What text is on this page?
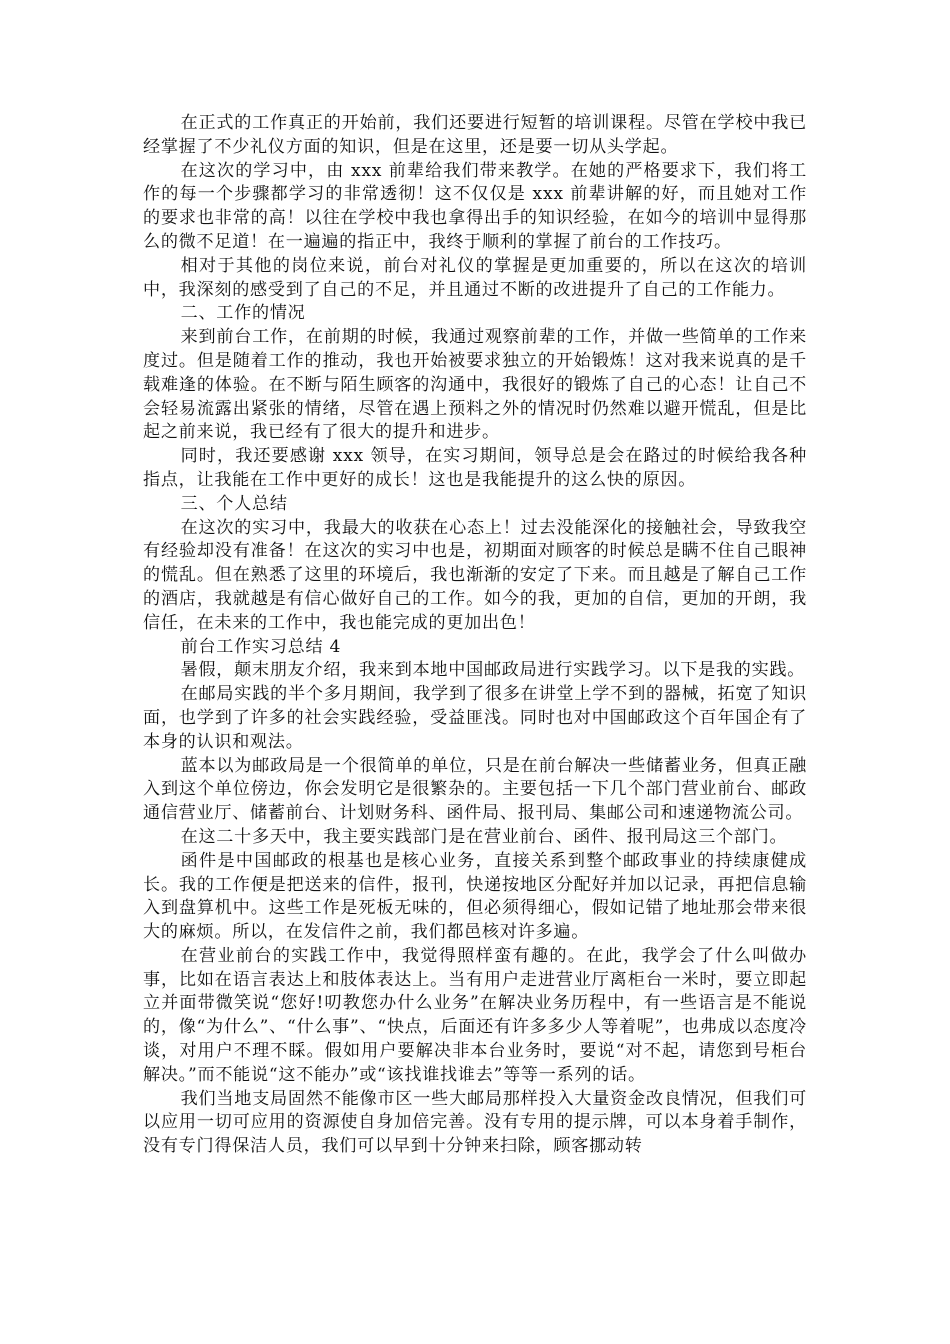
在正式的工作真正的开始前，我们还要进行短暂的培训课程。尽管在学校中我已经掌握了不少礼仪方面的知识，但是在这里，还是要一切从头学起。

在这次的学习中，由 xxx 前辈给我们带来教学。在她的严格要求下，我们将工作的每一个步骤都学习的非常透彻！这不仅仅是 xxx 前辈讲解的好，而且她对工作的要求也非常的高！以往在学校中我也拿得出手的知识经验，在如今的培训中显得那么的微不足道！在一遍遍的指正中，我终于顺利的掌握了前台的工作技巧。

相对于其他的岗位来说，前台对礼仪的掌握是更加重要的，所以在这次的培训中，我深刻的感受到了自己的不足，并且通过不断的改进提升了自己的工作能力。

二、工作的情况

来到前台工作，在前期的时候，我通过观察前辈的工作，并做一些简单的工作来度过。但是随着工作的推动，我也开始被要求独立的开始锻炼！这对我来说真的是千载难逢的体验。在不断与陌生顾客的沟通中，我很好的锻炼了自己的心态！让自己不会轻易流露出紧张的情绪，尽管在遇上预料之外的情况时仍然难以避开慌乱，但是比起之前来说，我已经有了很大的提升和进步。

同时，我还要感谢 xxx 领导，在实习期间，领导总是会在路过的时候给我各种指点，让我能在工作中更好的成长！这也是我能提升的这么快的原因。

三、个人总结

在这次的实习中，我最大的收获在心态上！过去没能深化的接触社会，导致我空有经验却没有准备！在这次的实习中也是，初期面对顾客的时候总是瞒不住自己眼神的慌乱。但在熟悉了这里的环境后，我也渐渐的安定了下来。而且越是了解自己工作的酒店，我就越是有信心做好自己的工作。如今的我，更加的自信，更加的开朗，我信任，在未来的工作中，我也能完成的更加出色！

前台工作实习总结 4

暑假，颠末朋友介绍，我来到本地中国邮政局进行实践学习。以下是我的实践。

在邮局实践的半个多月期间，我学到了很多在讲堂上学不到的器械，拓宽了知识面，也学到了许多的社会实践经验，受益匪浅。同时也对中国邮政这个百年国企有了本身的认识和观法。

蓝本以为邮政局是一个很简单的单位，只是在前台解决一些储蓄业务，但真正融入到这个单位傍边，你会发明它是很繁杂的。主要包括一下几个部门营业前台、邮政通信营业厅、储蓄前台、计划财务科、函件局、报刊局、集邮公司和速递物流公司。

在这二十多天中，我主要实践部门是在营业前台、函件、报刊局这三个部门。

函件是中国邮政的根基也是核心业务，直接关系到整个邮政事业的持续康健成长。我的工作便是把送来的信件，报刊，快递按地区分配好并加以记录，再把信息输入到盘算机中。这些工作是死板无味的，但必须得细心，假如记错了地址那会带来很大的麻烦。所以，在发信件之前，我们都邑核对许多遍。

在营业前台的实践工作中，我觉得照样蛮有趣的。在此，我学会了什么叫做办事，比如在语言表达上和肢体表达上。当有用户走进营业厅离柜台一米时，要立即起立并面带微笑说“您好!叨教您办什么业务”在解决业务历程中，有一些语言是不能说的，像“为什么”、“什么事”、“快点，后面还有许多多少人等着呢”，也弗成以态度冷谈，对用户不理不睬。假如用户要解决非本台业务时，要说“对不起，请您到号柜台解决。”而不能说“这不能办”或“该找谁找谁去”等等一系列的话。

我们当地支局固然不能像市区一些大邮局那样投入大量资金改良情况，但我们可以应用一切可应用的资源使自身加倍完善。没有专用的提示牌，可以本身着手制作，没有专门得保洁人员，我们可以早到十分钟来扫除，顾客挪动转
